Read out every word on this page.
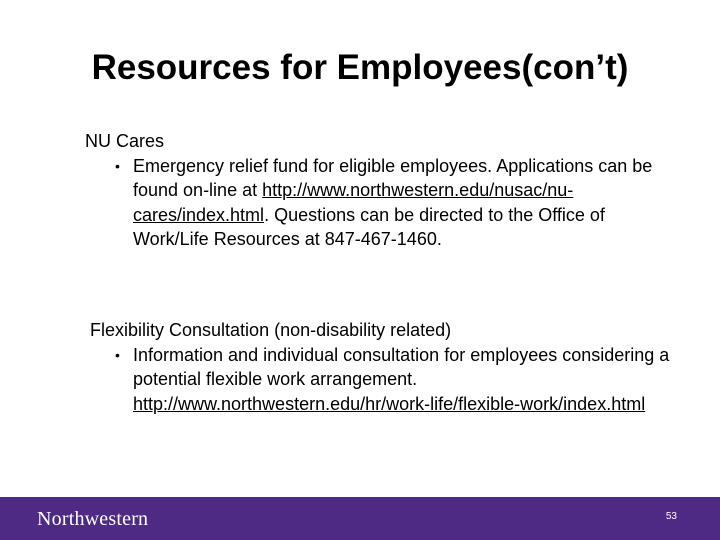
Resources for Employees(con’t)
NU Cares
• Emergency relief fund for eligible employees. Applications can be found on-line at http://www.northwestern.edu/nusac/nu-cares/index.html. Questions can be directed to the Office of Work/Life Resources at 847-467-1460.
Flexibility Consultation (non-disability related)
• Information and individual consultation for employees considering a potential flexible work arrangement. http://www.northwestern.edu/hr/work-life/flexible-work/index.html
Northwestern	53
